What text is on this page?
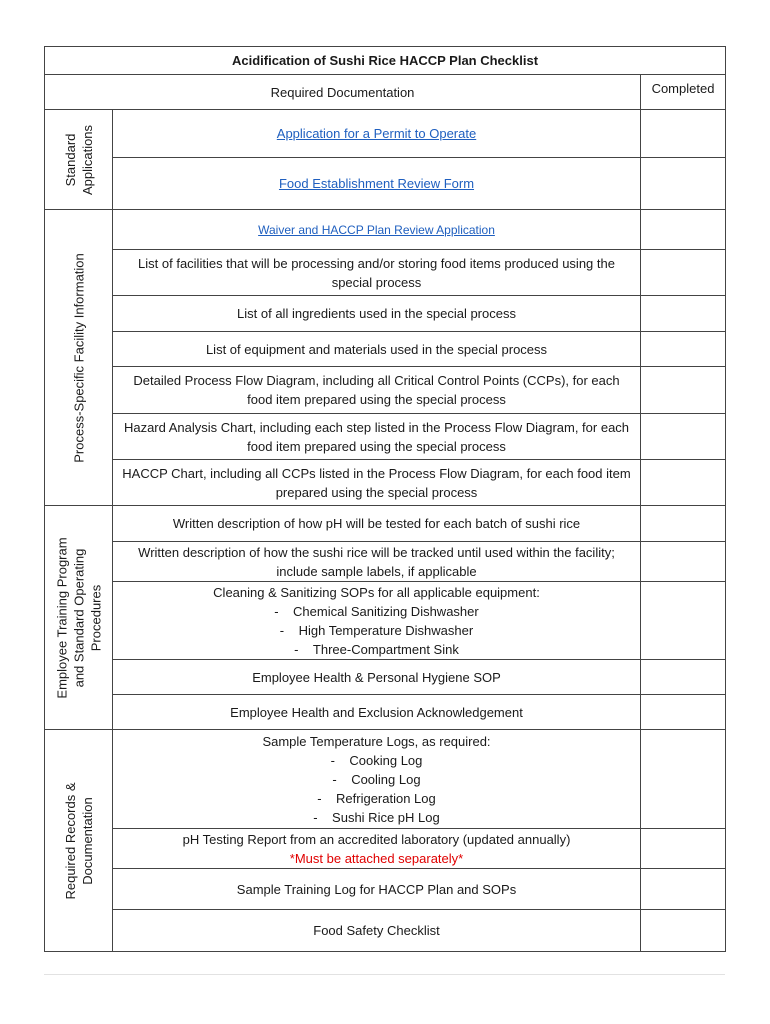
Acidification of Sushi Rice HACCP Plan Checklist		
Required Documentation		Completed

Standard Applications	Application for a Permit to Operate	
	Food Establishment Review Form	

Process-Specific Facility Information	Waiver and HACCP Plan Review Application	
	List of facilities that will be processing and/or storing food items produced using the special process	
	List of all ingredients used in the special process	
	List of equipment and materials used in the special process	
	Detailed Process Flow Diagram, including all Critical Control Points (CCPs), for each food item prepared using the special process	
	Hazard Analysis Chart, including each step listed in the Process Flow Diagram, for each food item prepared using the special process	
	HACCP Chart, including all CCPs listed in the Process Flow Diagram, for each food item prepared using the special process	

Employee Training Program and Standard Operating Procedures	Written description of how pH will be tested for each batch of sushi rice	
	Written description of how the sushi rice will be tracked until used within the facility; include sample labels, if applicable	
	Cleaning & Sanitizing SOPs for all applicable equipment:
-    Chemical Sanitizing Dishwasher
-    High Temperature Dishwasher
-    Three-Compartment Sink	

	Employee Health & Personal Hygiene SOP	
	Employee Health and Exclusion Acknowledgement	

Required Records & Documentation	Sample Temperature Logs, as required:
-    Cooking Log
-    Cooling Log
-    Refrigeration Log
-    Sushi Rice pH Log	

	pH Testing Report from an accredited laboratory (updated annually)
*Must be attached separately*	

	Sample Training Log for HACCP Plan and SOPs	
	Food Safety Checklist	
